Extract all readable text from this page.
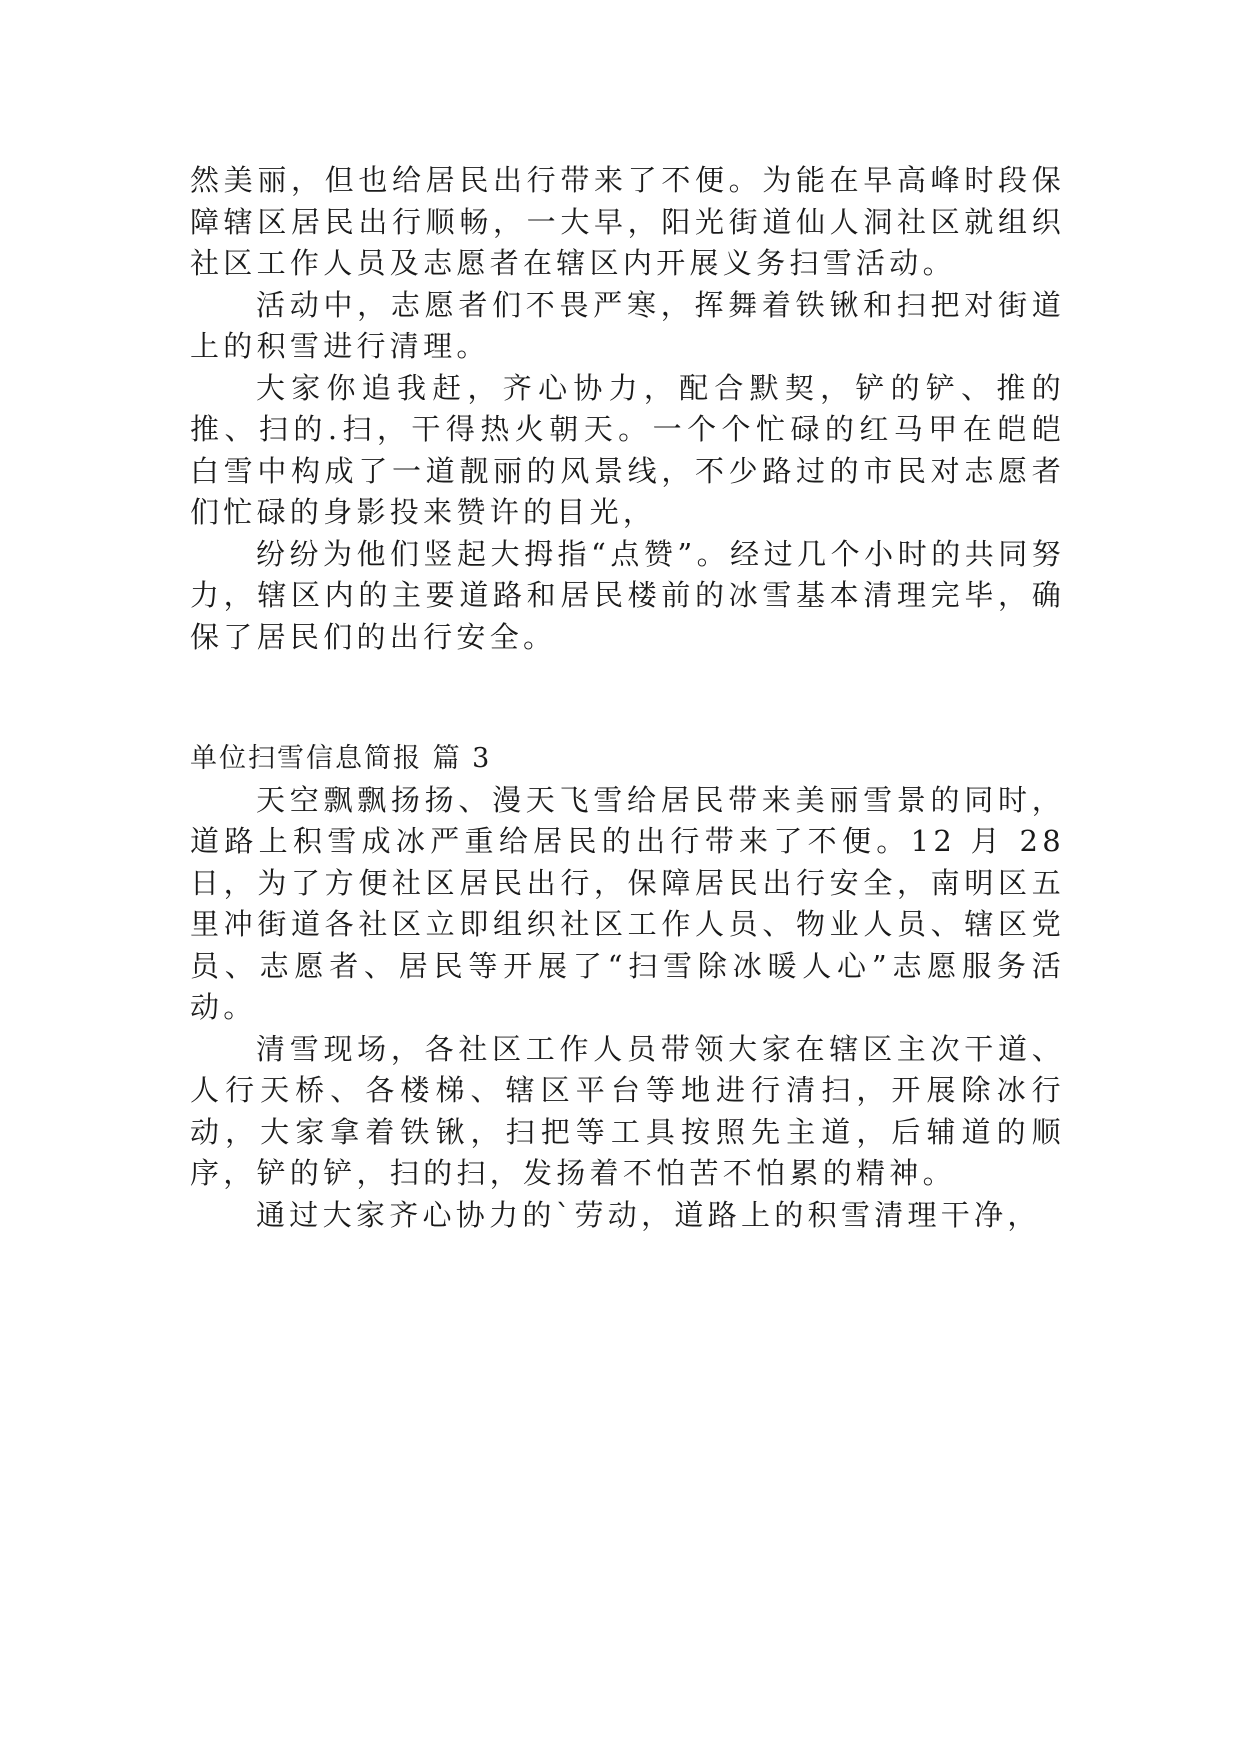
然美丽，但也给居民出行带来了不便。为能在早高峰时段保障辖区居民出行顺畅，一大早，阳光街道仙人洞社区就组织社区工作人员及志愿者在辖区内开展义务扫雪活动。

活动中，志愿者们不畏严寒，挥舞着铁锹和扫把对街道上的积雪进行清理。

大家你追我赶，齐心协力，配合默契，铲的铲、推的推、扫的.扫，干得热火朝天。一个个忙碌的红马甲在皑皑白雪中构成了一道靓丽的风景线，不少路过的市民对志愿者们忙碌的身影投来赞许的目光，

纷纷为他们竖起大拇指“点赞”。经过几个小时的共同努力，辖区内的主要道路和居民楼前的冰雪基本清理完毕，确保了居民们的出行安全。

单位扫雪信息简报 篇 3

天空飘飘扬扬、漫天飞雪给居民带来美丽雪景的同时，道路上积雪成冰严重给居民的出行带来了不便。12 月 28 日，为了方便社区居民出行，保障居民出行安全，南明区五里冲街道各社区立即组织社区工作人员、物业人员、辖区党员、志愿者、居民等开展了“扫雪除冰暖人心”志愿服务活动。

清雪现场，各社区工作人员带领大家在辖区主次干道、人行天桥、各楼梯、辖区平台等地进行清扫，开展除冰行动，大家拿着铁锹，扫把等工具按照先主道，后辅道的顺序，铲的铲，扫的扫，发扬着不怕苦不怕累的精神。

通过大家齐心协力的`劳动，道路上的积雪清理干净，
